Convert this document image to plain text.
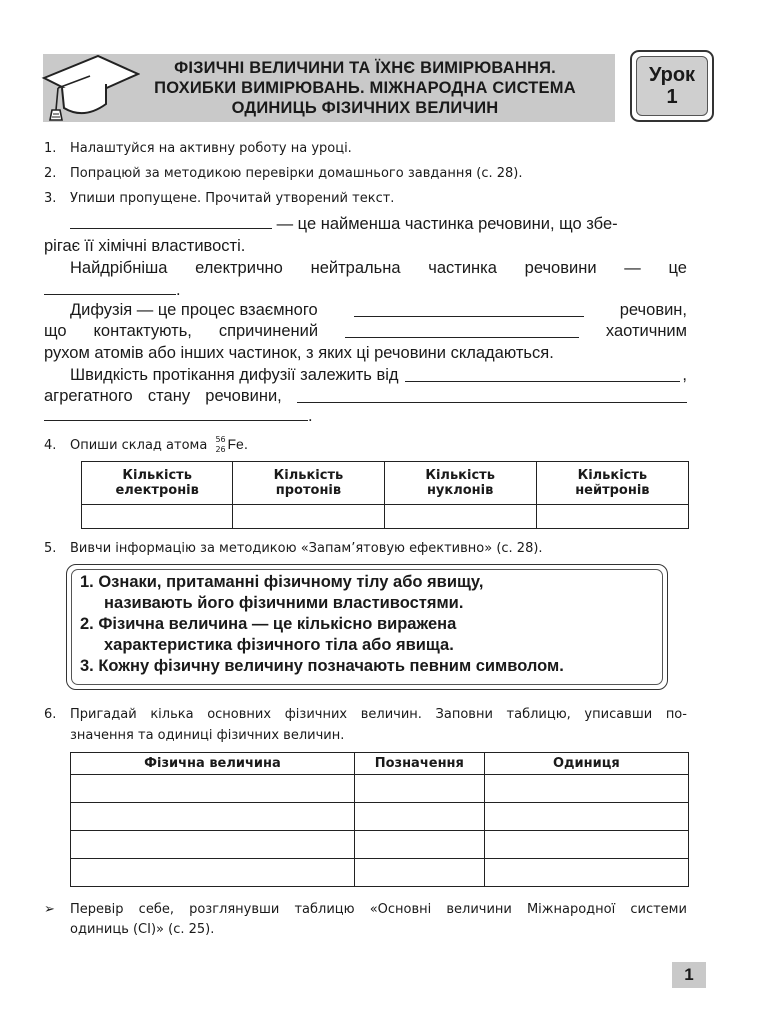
ФІЗИЧНІ ВЕЛИЧИНИ ТА ЇХНЄ ВИМІРЮВАННЯ.
ПОХИБКИ ВИМІРЮВАНЬ. МІЖНАРОДНА СИСТЕМА
ОДИНИЦЬ ФІЗИЧНИХ ВЕЛИЧИН
Урок
1
1. Налаштуйся на активну роботу на уроці.
2. Попрацюй за методикою перевірки домашнього завдання (с. 28).
3. Упиши пропущене. Прочитай утворений текст.
— це найменша частинка речовини, що збе-
рігає її хімічні властивості.
Найдрібніша електрично нейтральна частинка речовини — це
.
Дифузія — це процес взаємного	речовин,
що контактують, спричинений	хаотичним
рухом атомів або інших частинок, з яких ці речовини складаються.
Швидкість протікання дифузії залежить від	,
агрегатного стану речовини,
.
4. Опиши склад атома 56
26 Fe.
Кількість
електронів	Кількість
протонів	Кількість
нуклонів	Кількість
нейтронів

5. Вивчи інформацію за методикою «Запам’ятовую ефективно» (с. 28).
1. Ознаки, притаманні фізичному тілу або явищу,
називають його фізичними властивостями.
2. Фізична величина — це кількісно виражена
характеристика фізичного тіла або явища.
3. Кожну фізичну величину позначають певним символом.
6.	Пригадай кілька основних фізичних величин. Заповни таблицю, уписавши по-
значення та одиниці фізичних величин.
Фізична величина	Позначення	Одиниця

➢	Перевір себе, розглянувши таблицю «Основні величини Міжнародної системи
одиниць (СІ)» (с. 25).
1
